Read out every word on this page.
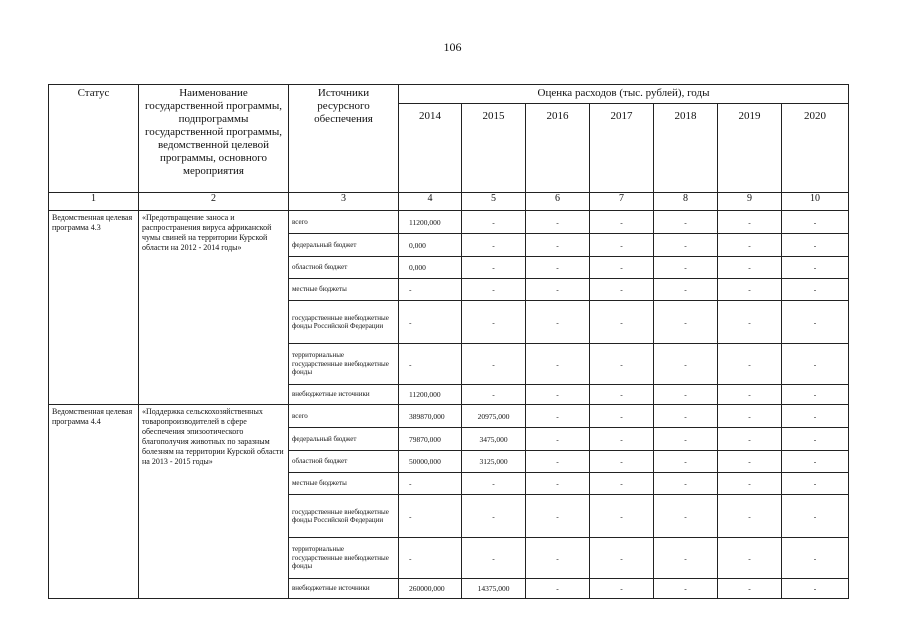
106
Статус	Наименование государственной программы, подпрограммы государственной программы, ведомственной целевой программы, основного мероприятия	Источники ресурсного обеспечения	Оценка расходов (тыс. рублей), годы						
			2014	2015	2016	2017	2018	2019	2020
1	2	3	4	5	6	7	8	9	10
Ведомственная целевая программа 4.3	«Предотвращение заноса и распространения вируса африканской чумы свиней на территории Курской области на 2012 - 2014 годы»	всего	11200,000	-	-	-	-	-	-
		федеральный бюджет	0,000	-	-	-	-	-	-
		областной бюджет	0,000	-	-	-	-	-	-
		местные бюджеты	-	-	-	-	-	-	-
		государственные внебюджетные фонды Российской Федерации	-	-	-	-	-	-	-
		территориальные государственные внебюджетные фонды	-	-	-	-	-	-	-
		внебюджетные источники	11200,000	-	-	-	-	-	-
Ведомственная целевая программа 4.4	«Поддержка сельскохозяйственных товаропроизводителей в сфере обеспечения эпизоотического благополучия животных по заразным болезням на территории Курской области на 2013 - 2015 годы»	всего	389870,000	20975,000	-	-	-	-	-
		федеральный бюджет	79870,000	3475,000	-	-	-	-	-
		областной бюджет	50000,000	3125,000	-	-	-	-	-
		местные бюджеты	-	-	-	-	-	-	-
		государственные внебюджетные фонды Российской Федерации	-	-	-	-	-	-	-
		территориальные государственные внебюджетные фонды	-	-	-	-	-	-	-
		внебюджетные источники	260000,000	14375,000	-	-	-	-	-
